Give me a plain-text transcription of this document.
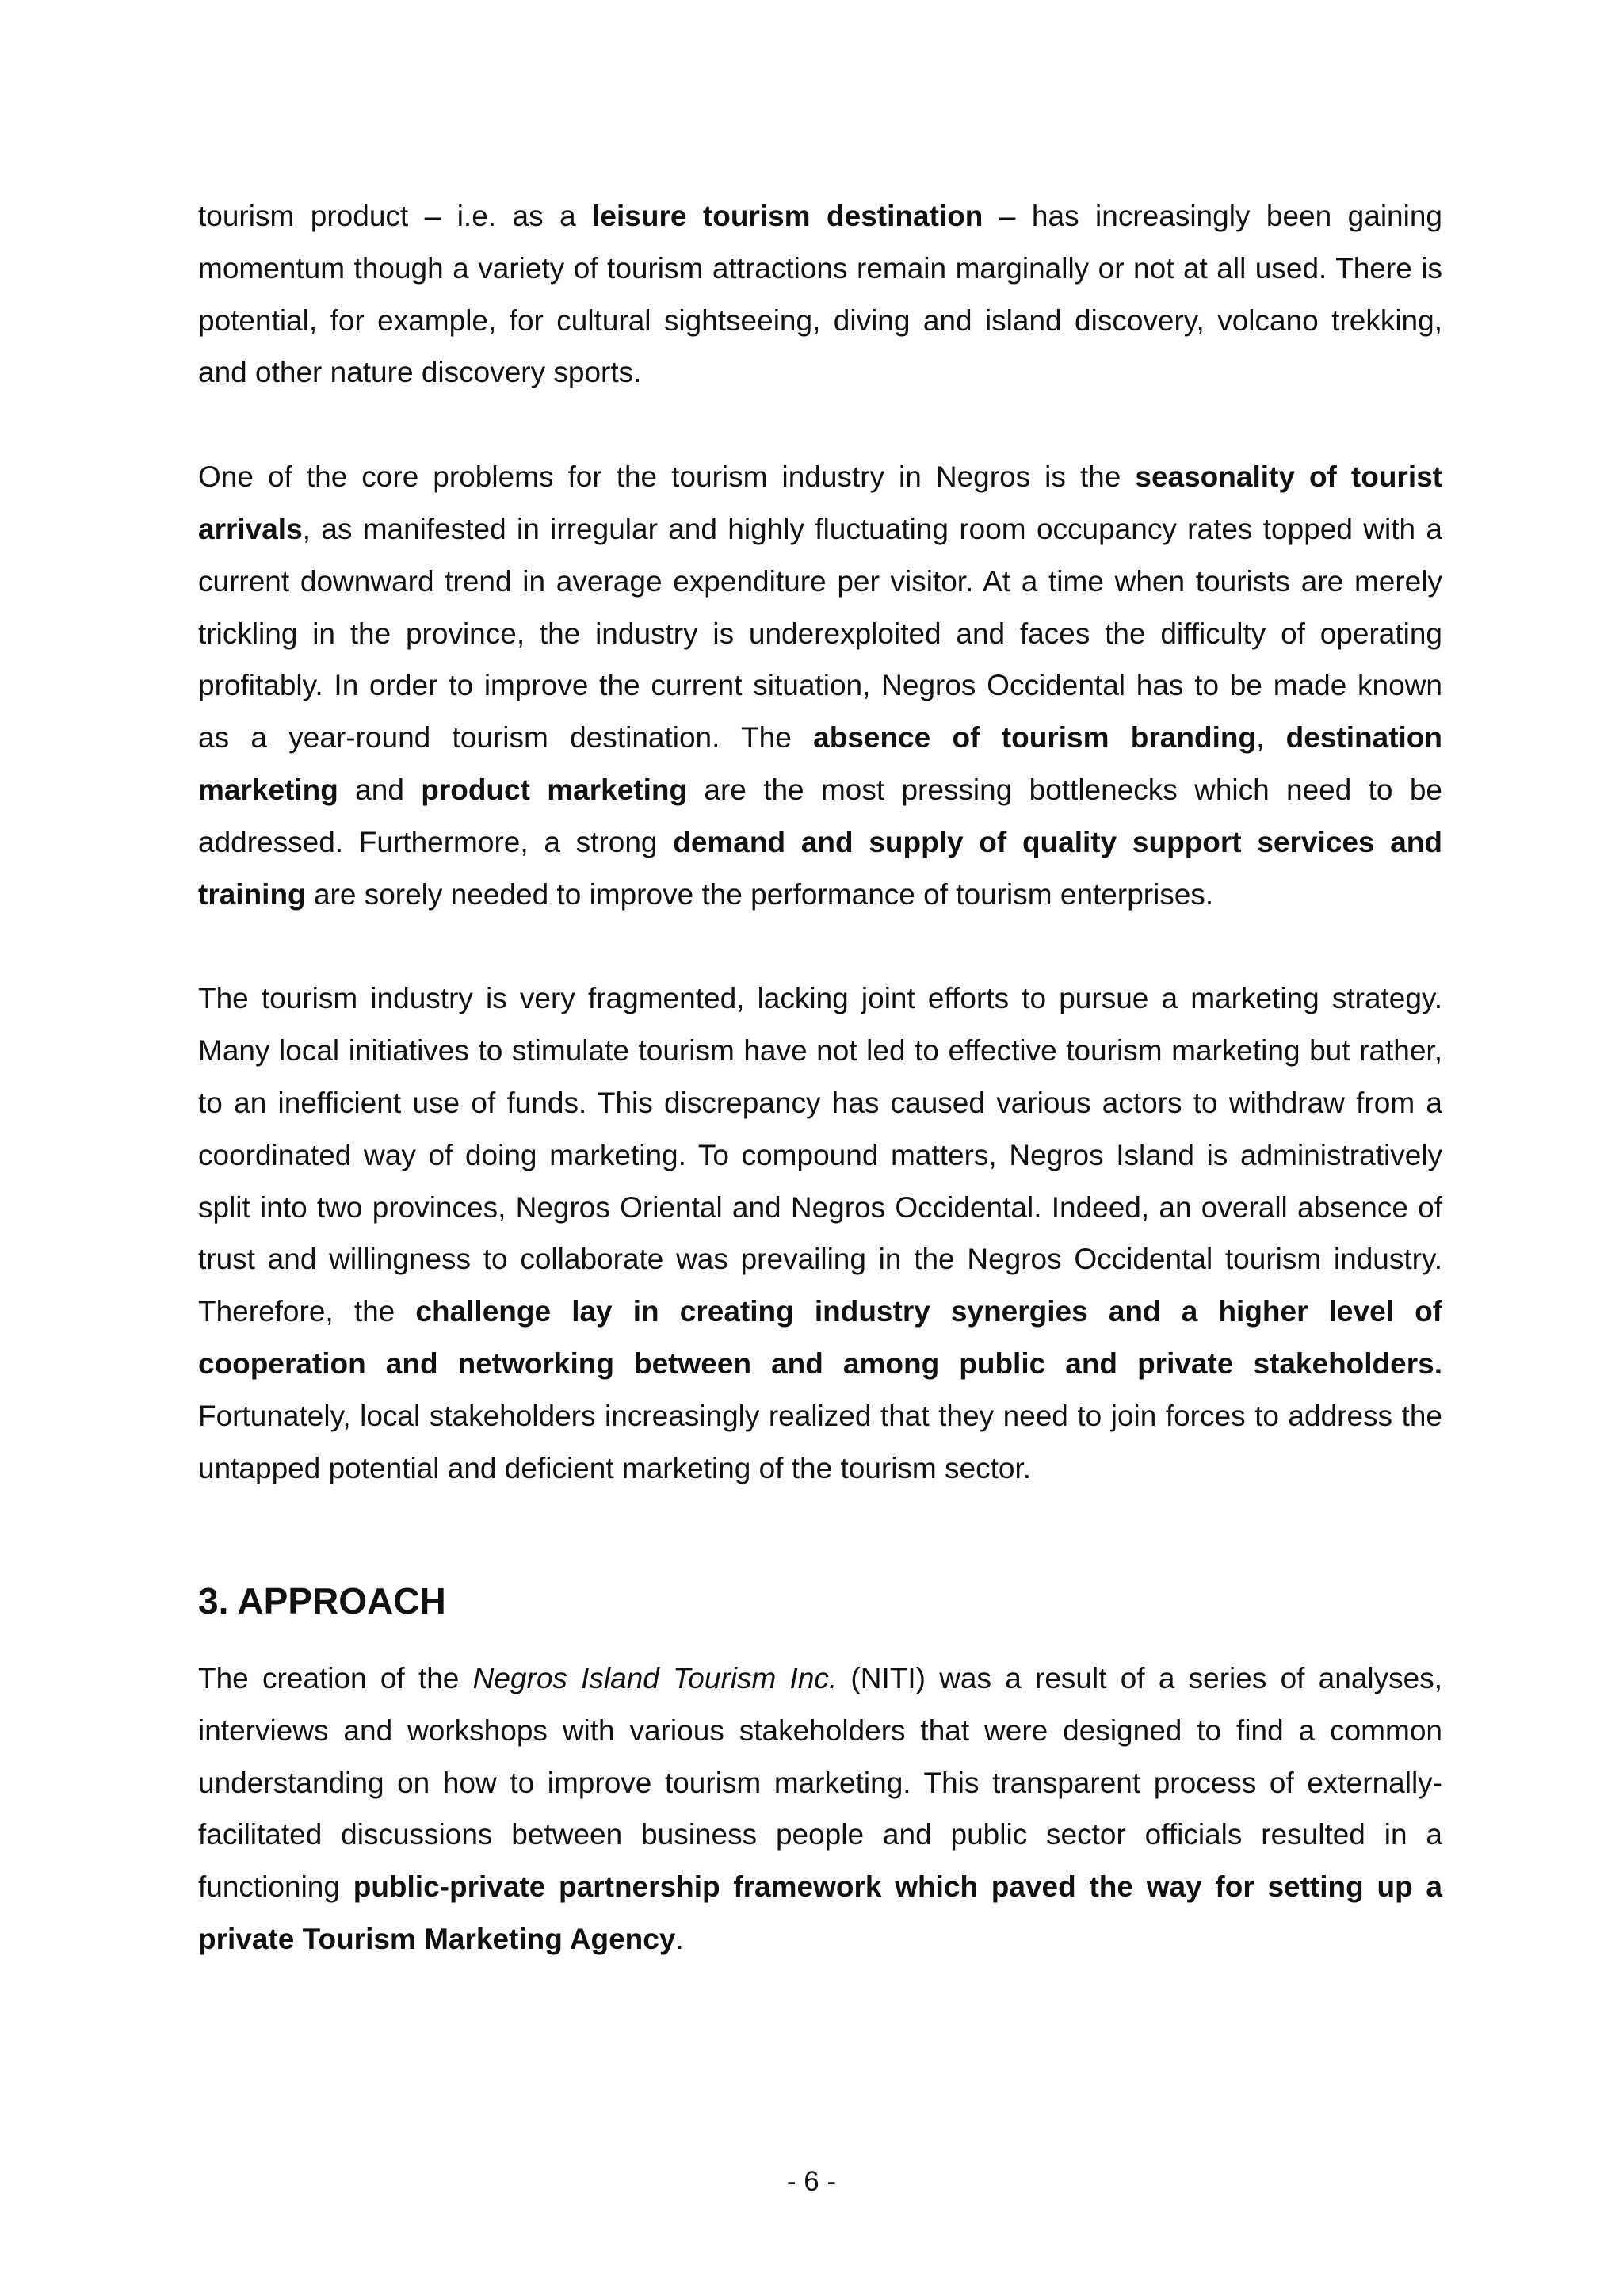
tourism product – i.e. as a leisure tourism destination – has increasingly been gaining momentum though a variety of tourism attractions remain marginally or not at all used. There is potential, for example, for cultural sightseeing, diving and island discovery, volcano trekking, and other nature discovery sports.

One of the core problems for the tourism industry in Negros is the seasonality of tourist arrivals, as manifested in irregular and highly fluctuating room occupancy rates topped with a current downward trend in average expenditure per visitor. At a time when tourists are merely trickling in the province, the industry is underexploited and faces the difficulty of operating profitably. In order to improve the current situation, Negros Occidental has to be made known as a year-round tourism destination. The absence of tourism branding, destination marketing and product marketing are the most pressing bottlenecks which need to be addressed. Furthermore, a strong demand and supply of quality support services and training are sorely needed to improve the performance of tourism enterprises.

The tourism industry is very fragmented, lacking joint efforts to pursue a marketing strategy. Many local initiatives to stimulate tourism have not led to effective tourism marketing but rather, to an inefficient use of funds. This discrepancy has caused various actors to withdraw from a coordinated way of doing marketing. To compound matters, Negros Island is administratively split into two provinces, Negros Oriental and Negros Occidental. Indeed, an overall absence of trust and willingness to collaborate was prevailing in the Negros Occidental tourism industry. Therefore, the challenge lay in creating industry synergies and a higher level of cooperation and networking between and among public and private stakeholders. Fortunately, local stakeholders increasingly realized that they need to join forces to address the untapped potential and deficient marketing of the tourism sector.

3. APPROACH

The creation of the Negros Island Tourism Inc. (NITI) was a result of a series of analyses, interviews and workshops with various stakeholders that were designed to find a common understanding on how to improve tourism marketing. This transparent process of externally-facilitated discussions between business people and public sector officials resulted in a functioning public-private partnership framework which paved the way for setting up a private Tourism Marketing Agency.

- 6 -
